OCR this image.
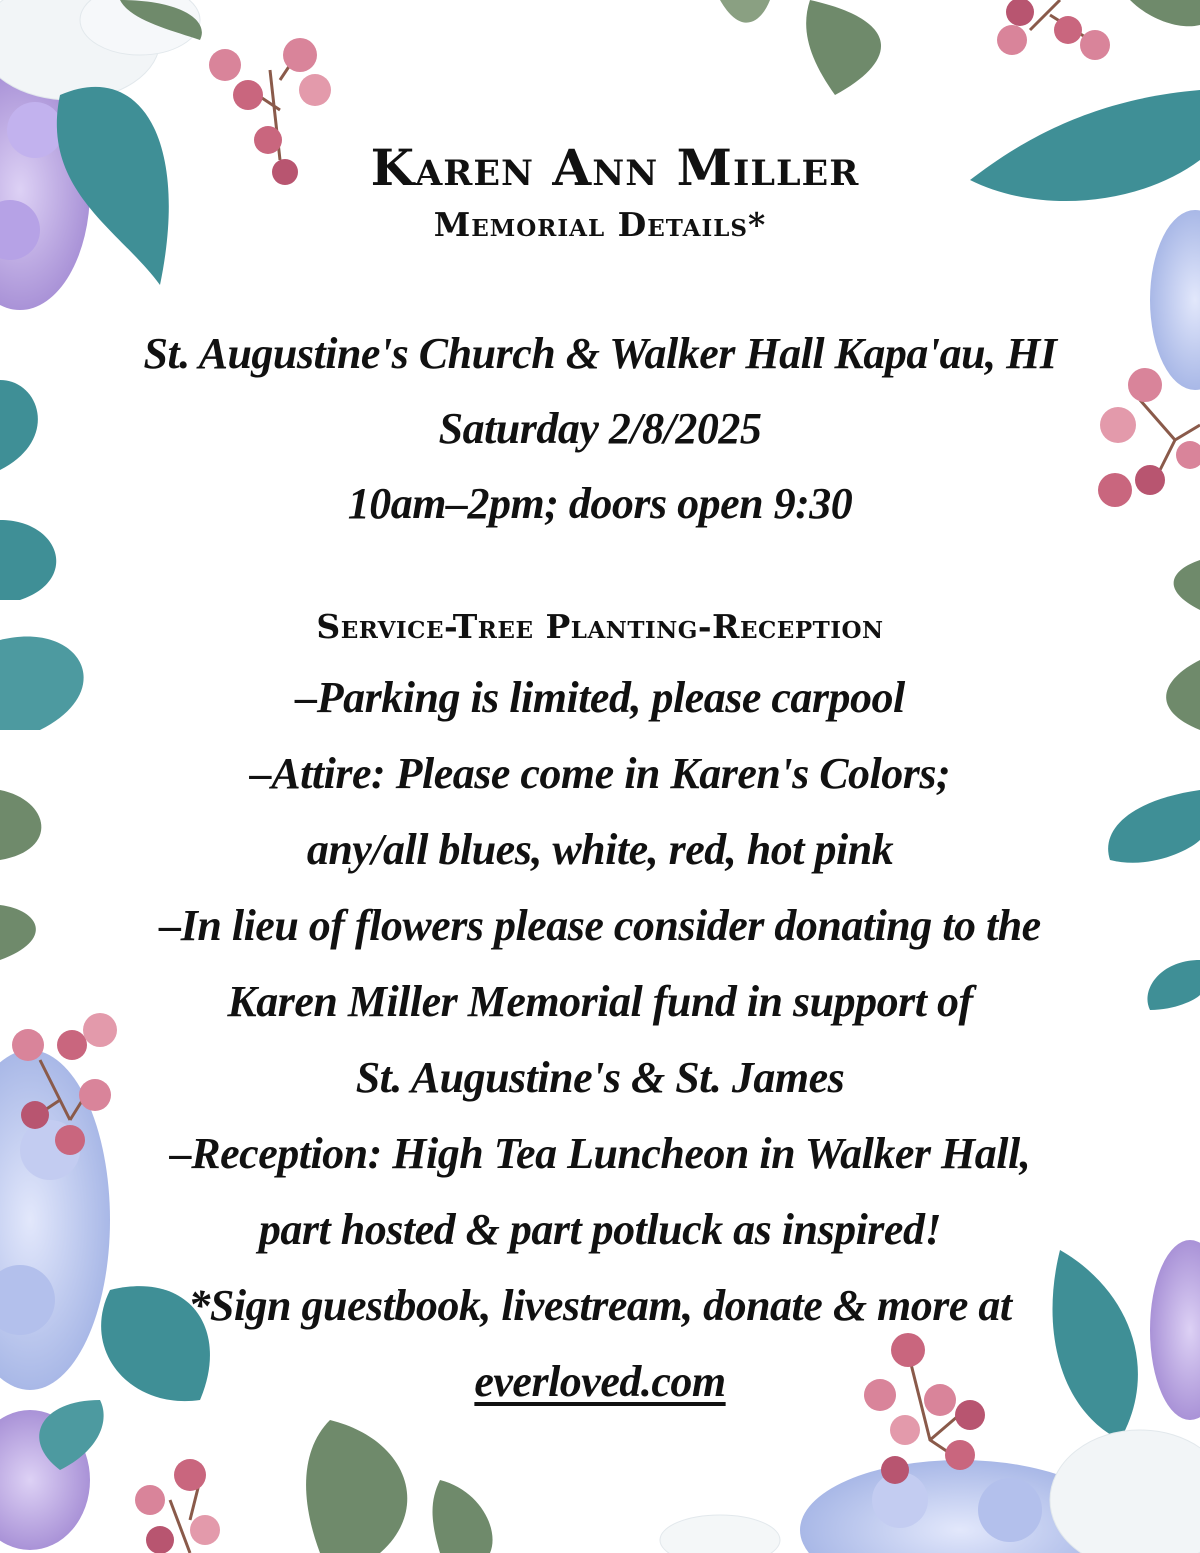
Karen Ann Miller
Memorial Details*

St. Augustine's Church & Walker Hall Kapa'au, HI

Saturday 2/8/2025

10am–2pm; doors open 9:30

Service-Tree Planting-Reception

–Parking is limited, please carpool

–Attire: Please come in Karen's Colors;

any/all blues, white, red, hot pink

–In lieu of flowers please consider donating to the

Karen Miller Memorial fund in support of

St. Augustine's & St. James

–Reception: High Tea Luncheon in Walker Hall,

part hosted & part potluck as inspired!

*Sign guestbook, livestream, donate & more at

everloved.com
